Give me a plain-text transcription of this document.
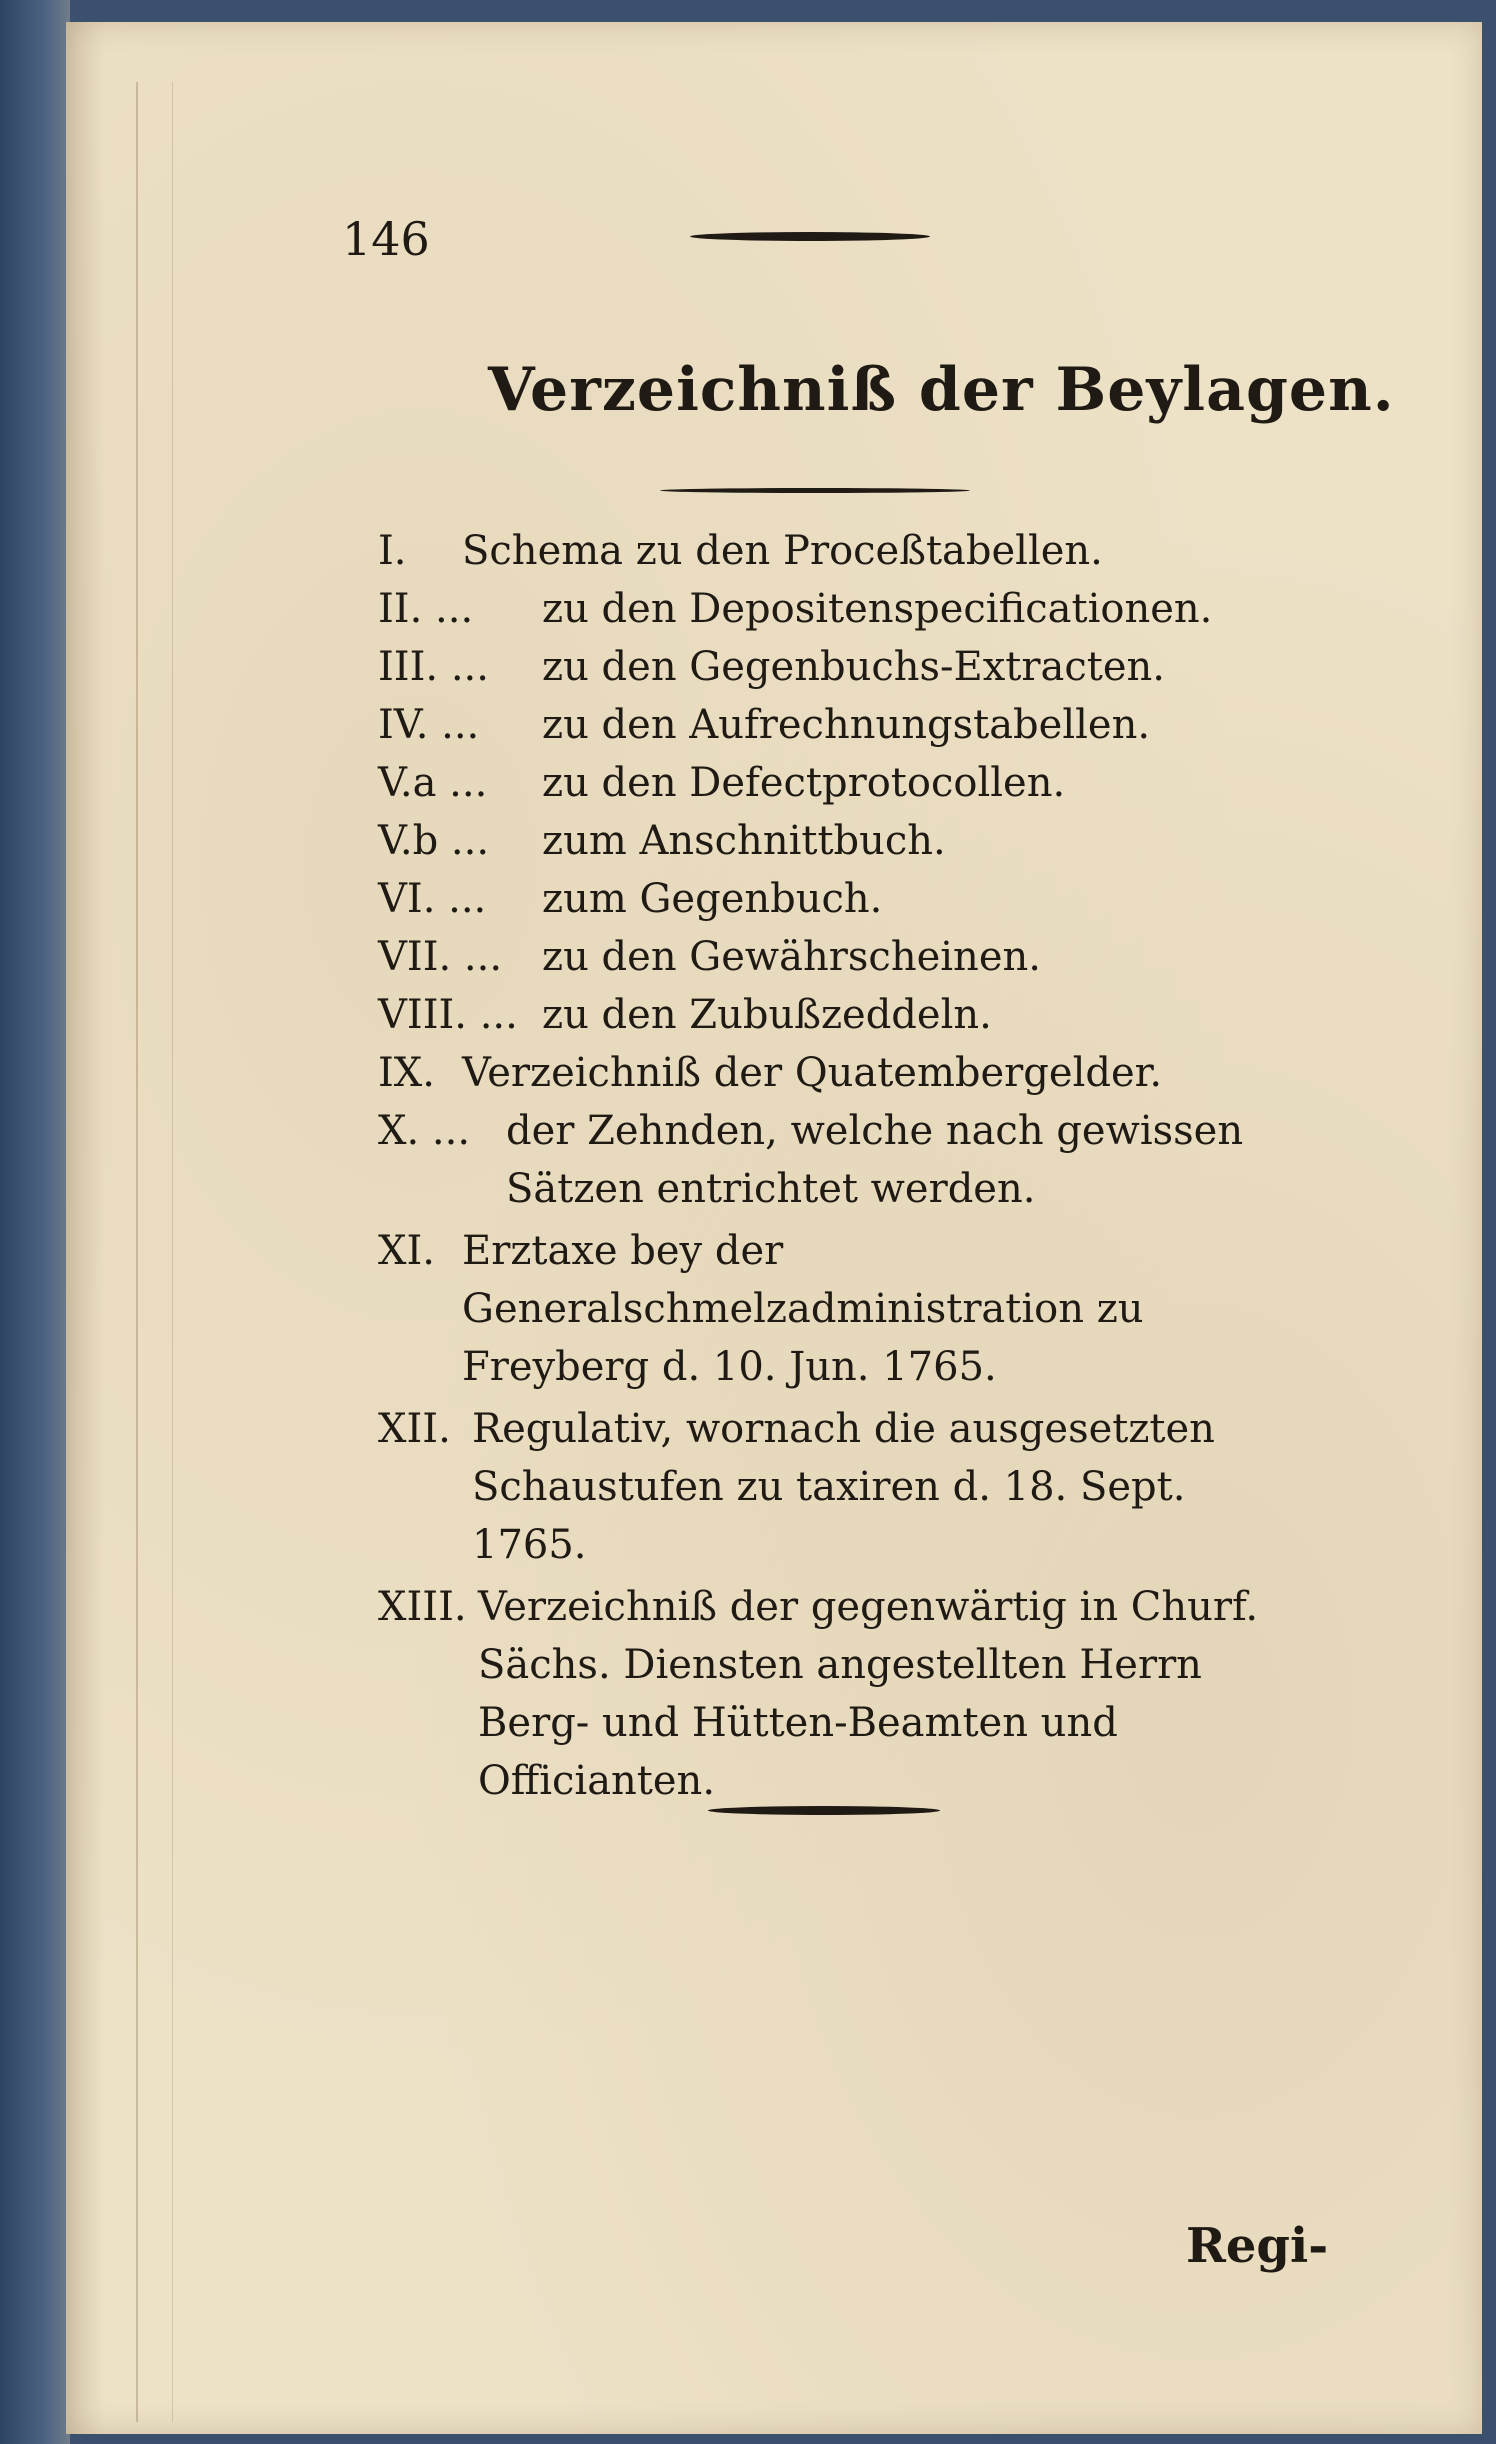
146
Verzeichniß der Beylagen.
I.	Schema zu den Proceßtabellen.
II. ...	zu den Depositenspecificationen.
III. ...	zu den Gegenbuchs-Extracten.
IV. ...	zu den Aufrechnungstabellen.
V.a ...	zu den Defectprotocollen.
V.b ...	zum Anschnittbuch.
VI. ...	zum Gegenbuch.
VII. ... zu den Gewährscheinen.
VIII. ... zu den Zubußzeddeln.
IX. Verzeichniß der Quatembergelder.
X. ... der Zehnden, welche nach gewissen Sätzen entrichtet werden.
XI. Erztaxe bey der Generalschmelzadministration zu Freyberg d. 10. Jun. 1765.
XII. Regulativ, wornach die ausgesetzten Schaustufen zu taxiren d. 18. Sept. 1765.
XIII. Verzeichniß der gegenwärtig in Churf. Sächs. Diensten angestellten Herrn Berg- und Hütten-Beamten und Officianten.
Regi-
